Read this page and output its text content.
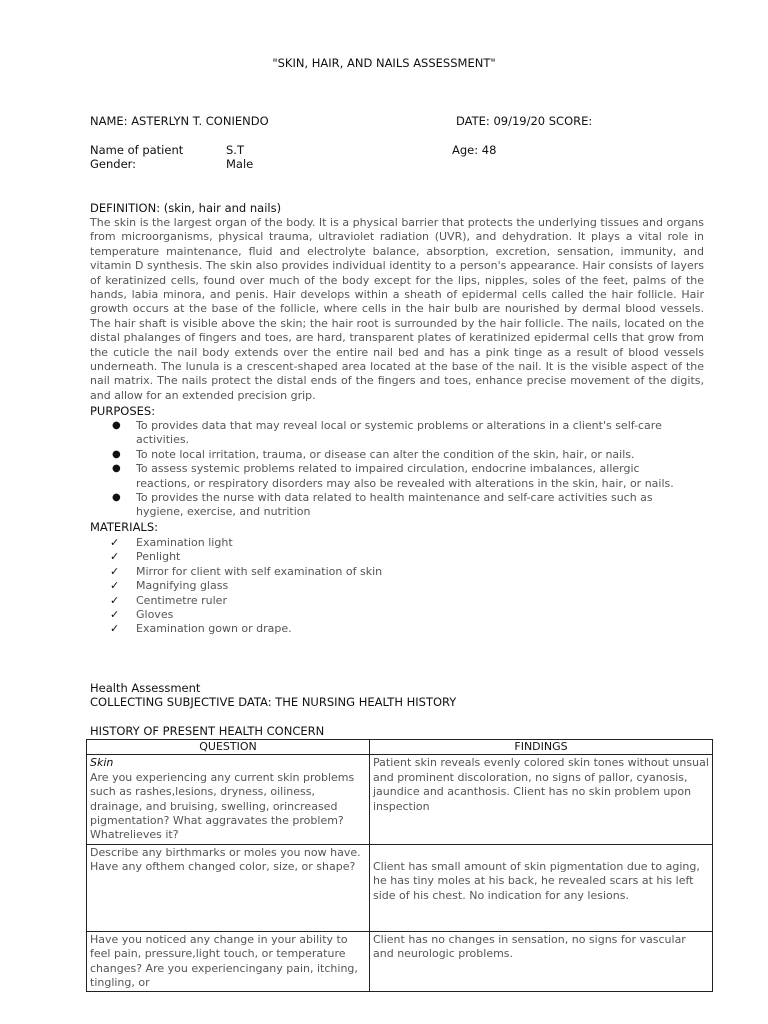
"SKIN, HAIR, AND NAILS ASSESSMENT"
NAME: ASTERLYN T. CONIENDO	DATE: 09/19/20 SCORE:
Name of patient	S.T	Age: 48
Gender:	Male
DEFINITION: (skin, hair and nails)
The skin is the largest organ of the body. It is a physical barrier that protects the underlying tissues and organs from microorganisms, physical trauma, ultraviolet radiation (UVR), and dehydration. It plays a vital role in temperature maintenance, fluid and electrolyte balance, absorption, excretion, sensation, immunity, and vitamin D synthesis. The skin also provides individual identity to a person's appearance. Hair consists of layers of keratinized cells, found over much of the body except for the lips, nipples, soles of the feet, palms of the hands, labia minora, and penis. Hair develops within a sheath of epidermal cells called the hair follicle. Hair growth occurs at the base of the follicle, where cells in the hair bulb are nourished by dermal blood vessels. The hair shaft is visible above the skin; the hair root is surrounded by the hair follicle. The nails, located on the distal phalanges of fingers and toes, are hard, transparent plates of keratinized epidermal cells that grow from the cuticle the nail body extends over the entire nail bed and has a pink tinge as a result of blood vessels underneath. The lunula is a crescent-shaped area located at the base of the nail. It is the visible aspect of the nail matrix. The nails protect the distal ends of the fingers and toes, enhance precise movement of the digits, and allow for an extended precision grip.
PURPOSES:
● To provides data that may reveal local or systemic problems or alterations in a client's self-care activities.
● To note local irritation, trauma, or disease can alter the condition of the skin, hair, or nails.
● To assess systemic problems related to impaired circulation, endocrine imbalances, allergic reactions, or respiratory disorders may also be revealed with alterations in the skin, hair, or nails.
● To provides the nurse with data related to health maintenance and self-care activities such as hygiene, exercise, and nutrition
MATERIALS:
✓ Examination light
✓ Penlight
✓ Mirror for client with self examination of skin
✓ Magnifying glass
✓ Centimetre ruler
✓ Gloves
✓ Examination gown or drape.
Health Assessment
COLLECTING SUBJECTIVE DATA: THE NURSING HEALTH HISTORY
HISTORY OF PRESENT HEALTH CONCERN
QUESTION	FINDINGS

Skin
Are you experiencing any current skin problems such as rashes,lesions, dryness, oiliness, drainage, and bruising, swelling, orincreased pigmentation? What aggravates the problem? Whatrelieves it?	Patient skin reveals evenly colored skin tones without unsual and prominent discoloration, no signs of pallor, cyanosis, jaundice and acanthosis. Client has no skin problem upon inspection
Describe any birthmarks or moles you now have. Have any ofthem changed color, size, or shape?	Client has small amount of skin pigmentation due to aging, he has tiny moles at his back, he revealed scars at his left side of his chest. No indication for any lesions.

Have you noticed any change in your ability to feel pain, pressure,light touch, or temperature changes? Are you experiencingany pain, itching, tingling, or	Client has no changes in sensation, no signs for vascular and neurologic problems.
